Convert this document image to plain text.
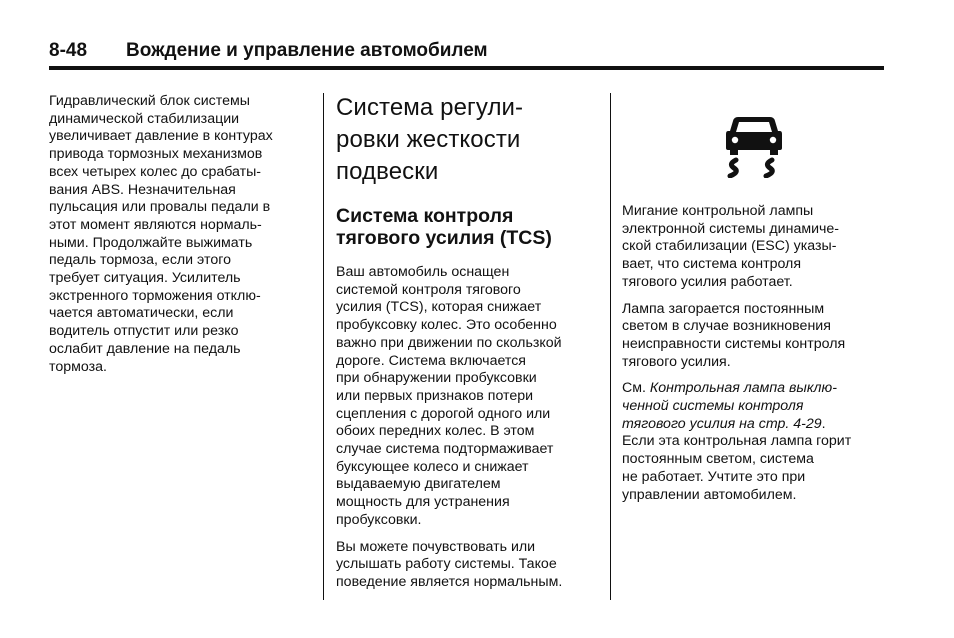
8-48 Вождение и управление автомобилем

Гидравлический блок системы
динамической стабилизации
увеличивает давление в контурах
привода тормозных механизмов
всех четырех колес до срабаты-
вания ABS. Незначительная
пульсация или провалы педали в
этот момент являются нормаль-
ными. Продолжайте выжимать
педаль тормоза, если этого
требует ситуация. Усилитель
экстренного торможения отклю-
чается автоматически, если
водитель отпустит или резко
ослабит давление на педаль
тормоза.

Система регули-
ровки жесткости
подвески
Система контроля
тягового усилия (TCS)

Ваш автомобиль оснащен
системой контроля тягового
усилия (TCS), которая снижает
пробуксовку колес. Это особенно
важно при движении по скользкой
дороге. Система включается
при обнаружении пробуксовки
или первых признаков потери
сцепления с дорогой одного или
обоих передних колес. В этом
случае система подтормаживает
буксующее колесо и снижает
выдаваемую двигателем
мощность для устранения
пробуксовки.

Вы можете почувствовать или
услышать работу системы. Такое
поведение является нормальным.

Мигание контрольной лампы
электронной системы динамиче-
ской стабилизации (ESC) указы-
вает, что система контроля
тягового усилия работает.

Лампа загорается постоянным
светом в случае возникновения
неисправности системы контроля
тягового усилия.

См. Контрольная лампа выклю-
ченной системы контроля
тягового усилия на стр. 4-29.
Если эта контрольная лампа горит
постоянным светом, система
не работает. Учтите это при
управлении автомобилем.
